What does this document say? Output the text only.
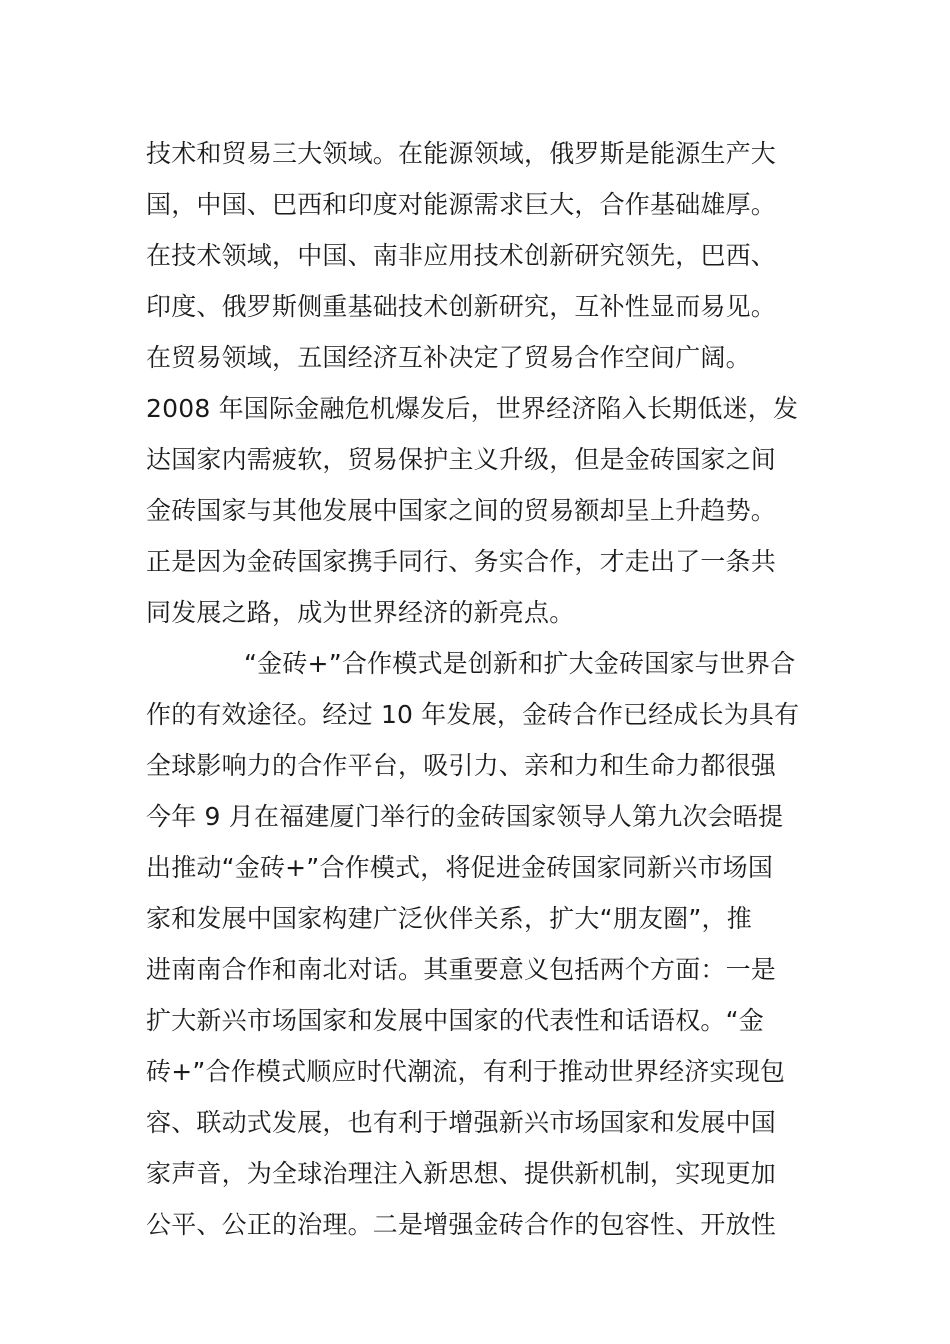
技术和贸易三大领域。在能源领域，俄罗斯是能源生产大
国，中国、巴西和印度对能源需求巨大，合作基础雄厚。
在技术领域，中国、南非应用技术创新研究领先，巴西、
印度、俄罗斯侧重基础技术创新研究，互补性显而易见。
在贸易领域，五国经济互补决定了贸易合作空间广阔。
2008 年国际金融危机爆发后，世界经济陷入长期低迷，发
达国家内需疲软，贸易保护主义升级，但是金砖国家之间
金砖国家与其他发展中国家之间的贸易额却呈上升趋势。
正是因为金砖国家携手同行、务实合作，才走出了一条共
同发展之路，成为世界经济的新亮点。
“金砖+”合作模式是创新和扩大金砖国家与世界合
作的有效途径。经过 10 年发展，金砖合作已经成长为具有
全球影响力的合作平台，吸引力、亲和力和生命力都很强
今年 9 月在福建厦门举行的金砖国家领导人第九次会晤提
出推动“金砖+”合作模式，将促进金砖国家同新兴市场国
家和发展中国家构建广泛伙伴关系，扩大“朋友圈”，推
进南南合作和南北对话。其重要意义包括两个方面：一是
扩大新兴市场国家和发展中国家的代表性和话语权。“金
砖+”合作模式顺应时代潮流，有利于推动世界经济实现包
容、联动式发展，也有利于增强新兴市场国家和发展中国
家声音，为全球治理注入新思想、提供新机制，实现更加
公平、公正的治理。二是增强金砖合作的包容性、开放性
